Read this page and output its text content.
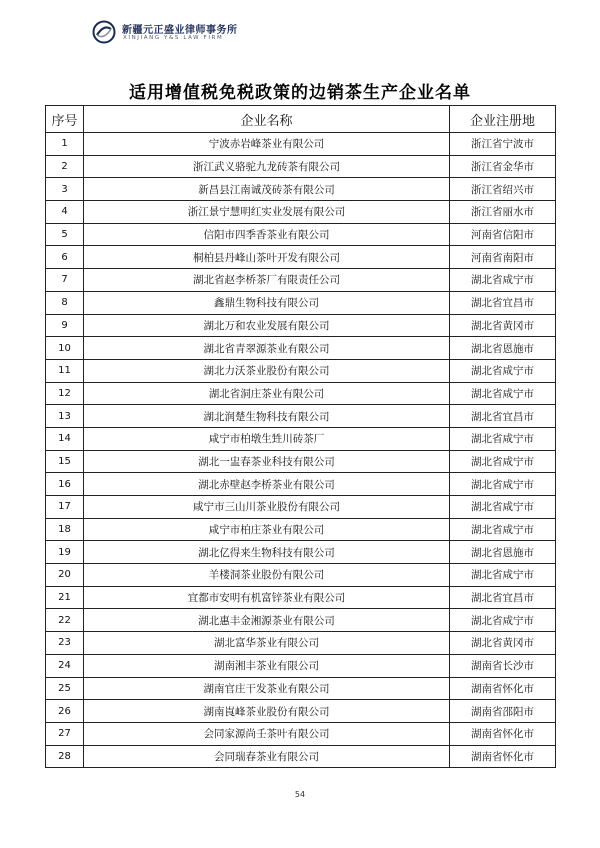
新疆元正盛业律师事务所
XINJIANG Y&S LAW FIRM
适用增值税免税政策的边销茶生产企业名单
序号	企业名称	企业注册地
1	宁波赤岩峰茶业有限公司	浙江省宁波市
2	浙江武义骆驼九龙砖茶有限公司	浙江省金华市
3	新昌县江南诚茂砖茶有限公司	浙江省绍兴市
4	浙江景宁慧明红实业发展有限公司	浙江省丽水市
5	信阳市四季香茶业有限公司	河南省信阳市
6	桐柏县丹峰山茶叶开发有限公司	河南省南阳市
7	湖北省赵李桥茶厂有限责任公司	湖北省咸宁市
8	鑫鼎生物科技有限公司	湖北省宜昌市
9	湖北万和农业发展有限公司	湖北省黄冈市
10	湖北省青翠源茶业有限公司	湖北省恩施市
11	湖北力沃茶业股份有限公司	湖北省咸宁市
12	湖北省洞庄茶业有限公司	湖北省咸宁市
13	湖北润楚生物科技有限公司	湖北省宜昌市
14	咸宁市柏墩生甡川砖茶厂	湖北省咸宁市
15	湖北一盅春茶业科技有限公司	湖北省咸宁市
16	湖北赤壁赵李桥茶业有限公司	湖北省咸宁市
17	咸宁市三山川茶业股份有限公司	湖北省咸宁市
18	咸宁市柏庄茶业有限公司	湖北省咸宁市
19	湖北亿得来生物科技有限公司	湖北省恩施市
20	羊楼洞茶业股份有限公司	湖北省咸宁市
21	宜都市安明有机富锌茶业有限公司	湖北省宜昌市
22	湖北惠丰金湘源茶业有限公司	湖北省咸宁市
23	湖北富华茶业有限公司	湖北省黄冈市
24	湖南湘丰茶业有限公司	湖南省长沙市
25	湖南官庄干发茶业有限公司	湖南省怀化市
26	湖南崀峰茶业股份有限公司	湖南省邵阳市
27	会同家源尚壬茶叶有限公司	湖南省怀化市
28	会同瑞春茶业有限公司	湖南省怀化市
54
